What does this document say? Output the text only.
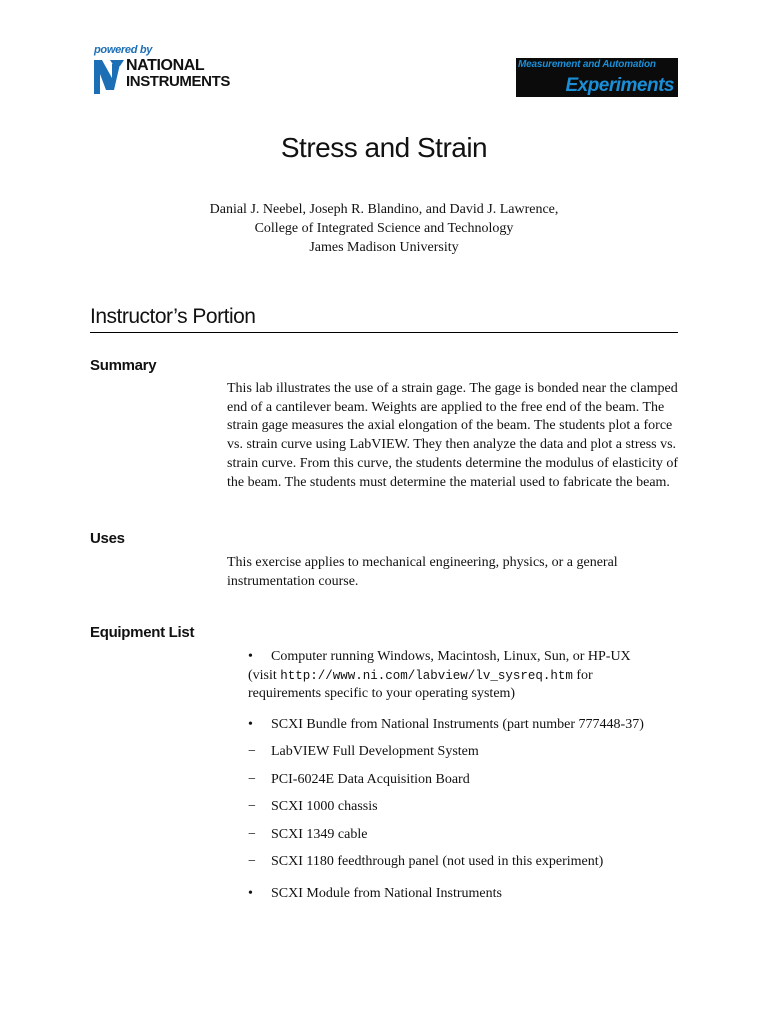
powered by
NATIONAL
INSTRUMENTS
Measurement and Automation
Experiments
Stress and Strain
Danial J. Neebel, Joseph R. Blandino, and David J. Lawrence,
College of Integrated Science and Technology
James Madison University
Instructor’s Portion
Summary
This lab illustrates the use of a strain gage. The gage is bonded near the clamped end of a cantilever beam. Weights are applied to the free end of the beam. The strain gage measures the axial elongation of the beam. The students plot a force vs. strain curve using LabVIEW. They then analyze the data and plot a stress vs. strain curve. From this curve, the students determine the modulus of elasticity of the beam. The students must determine the material used to fabricate the beam.
Uses
This exercise applies to mechanical engineering, physics, or a general instrumentation course.
Equipment List
• Computer running Windows, Macintosh, Linux, Sun, or HP-UX
(visit http://www.ni.com/labview/lv_sysreq.htm for
requirements specific to your operating system)
• SCXI Bundle from National Instruments (part number 777448-37)
− LabVIEW Full Development System
− PCI-6024E Data Acquisition Board
− SCXI 1000 chassis
− SCXI 1349 cable
− SCXI 1180 feedthrough panel (not used in this experiment)
• SCXI Module from National Instruments
